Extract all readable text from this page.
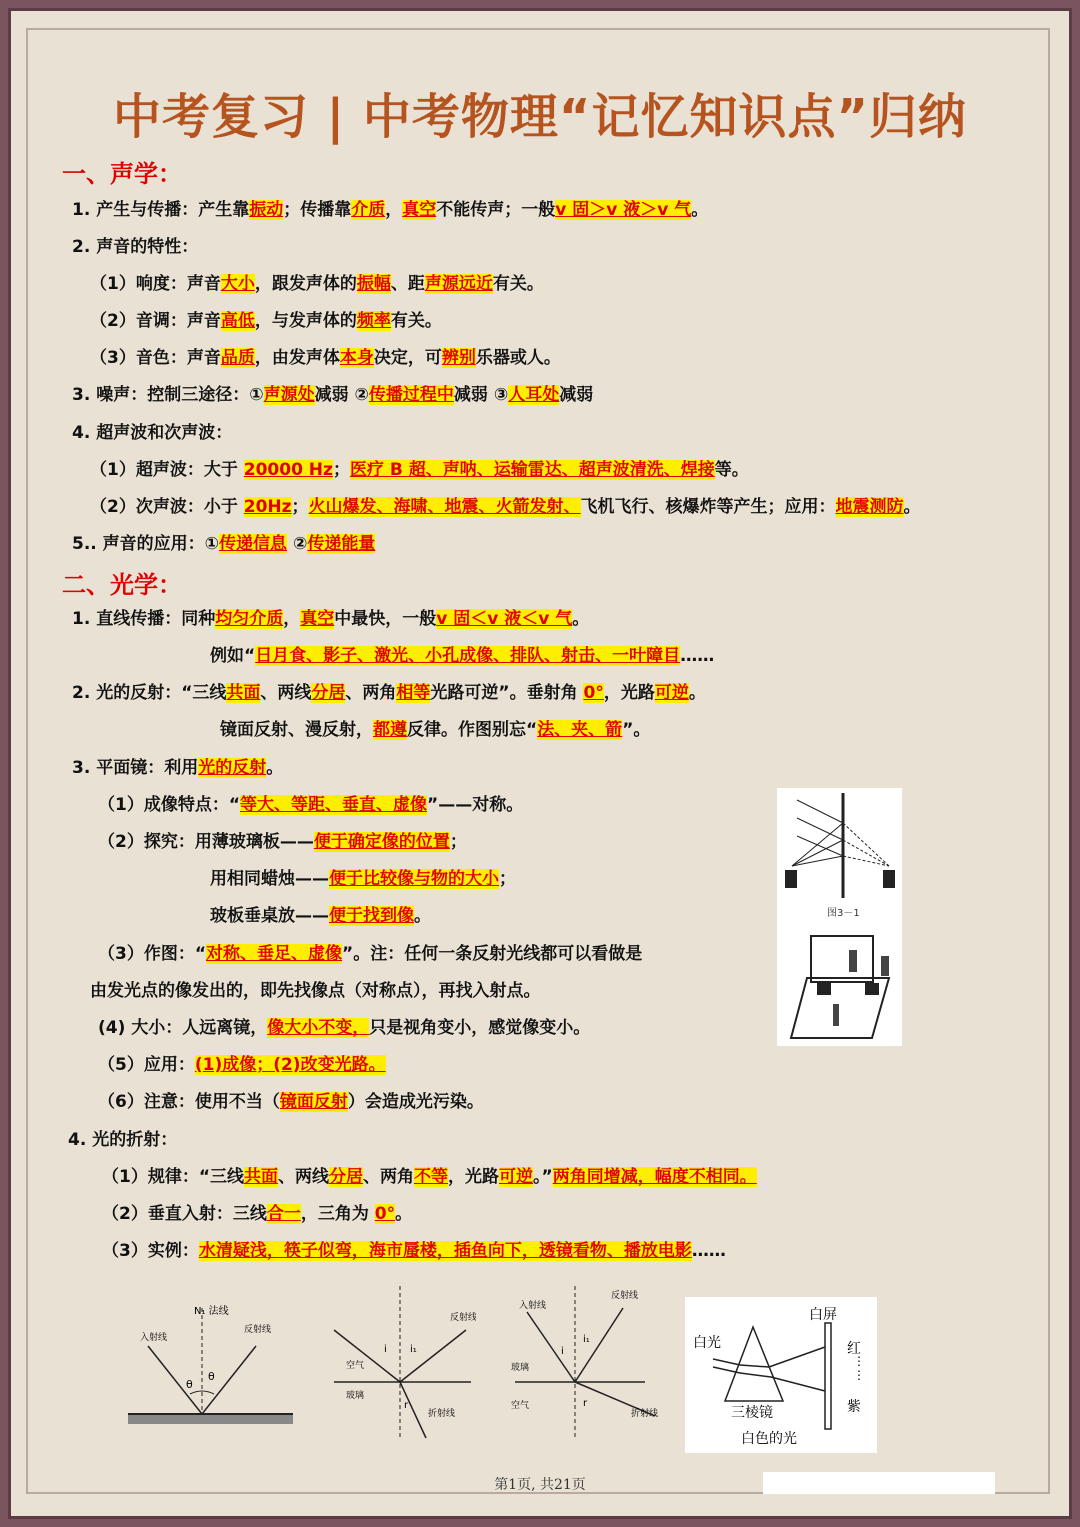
中考复习 | 中考物理“记忆知识点”归纳
一、声学：
二、光学：
1. 产生与传播：产生靠振动；传播靠介质，真空不能传声；一般v 固＞v 液＞v 气。
2. 声音的特性：
（1）响度：声音大小，跟发声体的振幅、距声源远近有关。
（2）音调：声音高低，与发声体的频率有关。
（3）音色：声音品质，由发声体本身决定，可辨别乐器或人。
3. 噪声：控制三途径：①声源处减弱 ②传播过程中减弱 ③人耳处减弱
4. 超声波和次声波：
（1）超声波：大于 20000 Hz；医疗 B 超、声呐、运输雷达、超声波清洗、焊接等。
（2）次声波：小于 20Hz；火山爆发、海啸、地震、火箭发射、飞机飞行、核爆炸等产生；应用：地震测防。
5.. 声音的应用：①传递信息 ②传递能量
1. 直线传播：同种均匀介质，真空中最快，一般v 固＜v 液＜v 气。
例如“日月食、影子、激光、小孔成像、排队、射击、一叶障目……
2. 光的反射：“三线共面、两线分居、两角相等光路可逆”。垂射角 0°，光路可逆。
镜面反射、漫反射，都遵反律。作图别忘“法、夹、箭”。
3. 平面镜：利用光的反射。
（1）成像特点：“等大、等距、垂直、虚像”——对称。
（2）探究：用薄玻璃板——便于确定像的位置；
用相同蜡烛——便于比较像与物的大小；
玻板垂桌放——便于找到像。
（3）作图：“对称、垂足、虚像”。注：任何一条反射光线都可以看做是
由发光点的像发出的，即先找像点（对称点），再找入射点。
(4) 大小：人远离镜，像大小不变，只是视角变小，感觉像变小。
（5）应用：(1)成像；(2)改变光路。
（6）注意：使用不当（镜面反射）会造成光污染。
4. 光的折射：
（1）规律：“三线共面、两线分居、两角不等，光路可逆。”两角同增减，幅度不相同。
（2）垂直入射：三线合一，三角为 0°。
（3）实例：水清疑浅，筷子似弯，海市蜃楼，插鱼向下，透镜看物、播放电影……
图3－1
N₁ 法线
入射线
反射线
θ
θ
反射线
空气
玻璃
折射线
i i₁
r
入射线
反射线
玻璃
空气
折射线
i
i₁
r
白屏
白光	红
⋮
⋮
紫
三棱镜
白色的光
第1页, 共21页
